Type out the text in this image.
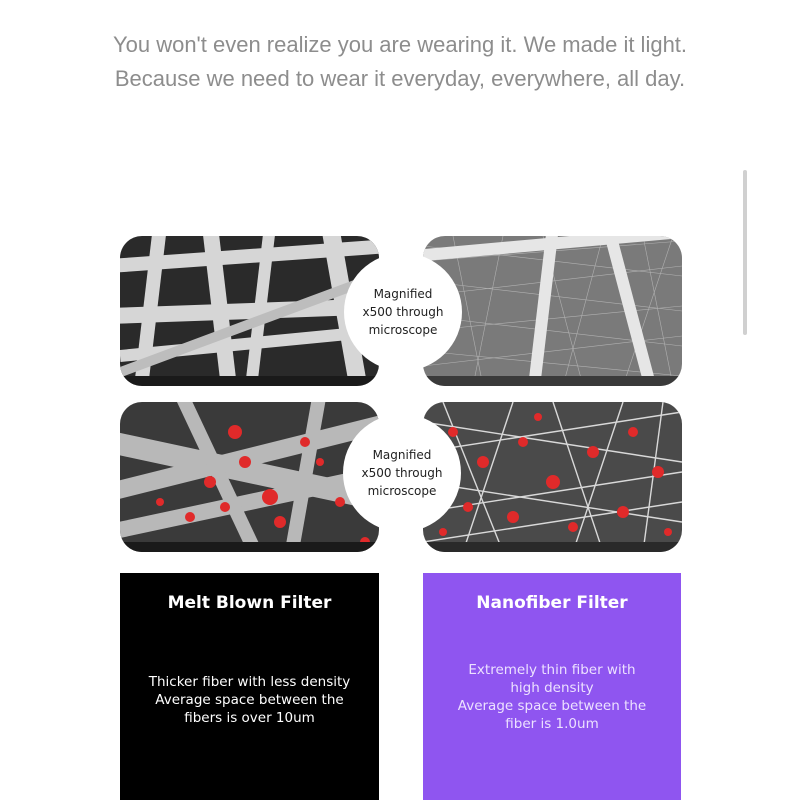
You won't even realize you are wearing it. We made it light.
Because we need to wear it everyday, everywhere, all day.
Magnified
x500 through
microscope
Magnified
x500 through
microscope
Melt Blown Filter
Thicker fiber with less density
Average space between the
fibers is over 10um
Nanofiber Filter
Extremely thin fiber with
high density
Average space between the
fiber is 1.0um
